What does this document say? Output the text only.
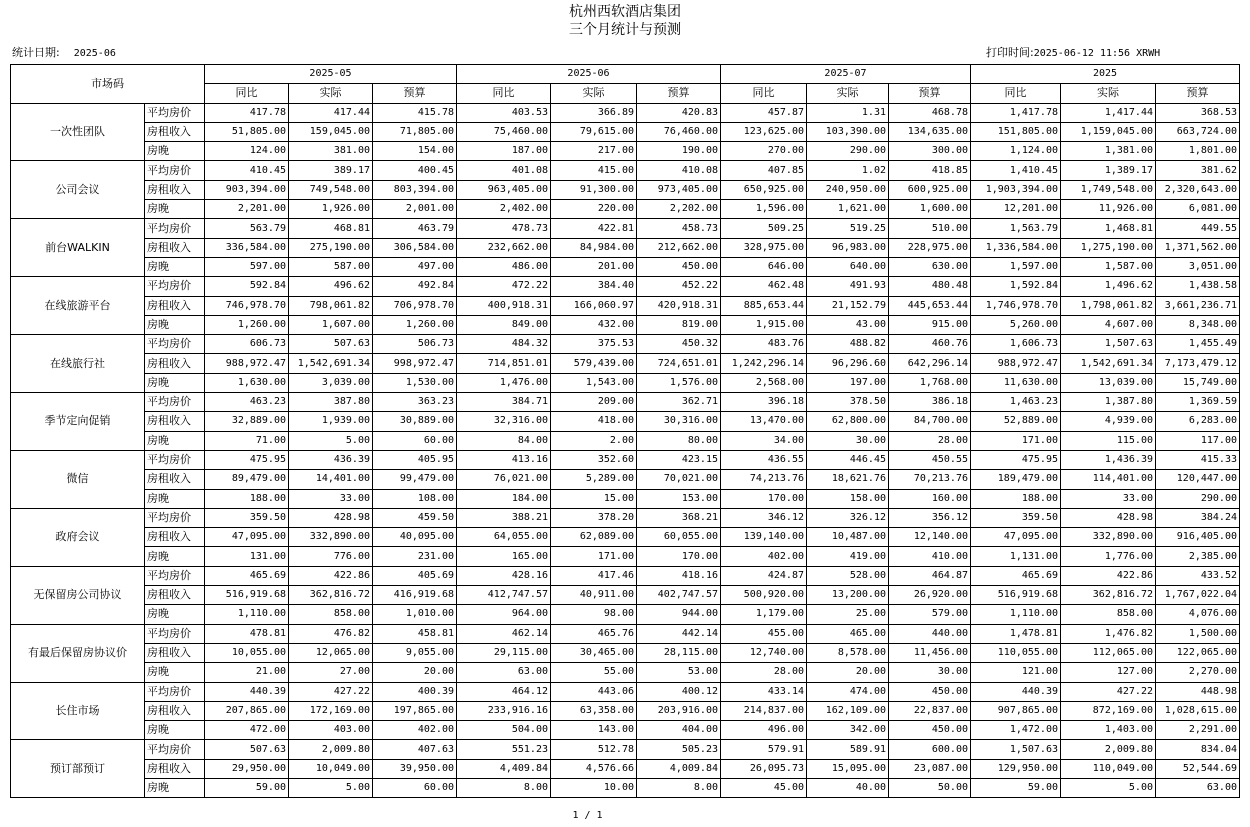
杭州西软酒店集团
三个月统计与预测
统计日期: 2025-06	打印时间:2025-06-12 11:56 XRWH
市场码		2025-05			2025-06			2025-07			2025		
		同比	实际	预算	同比	实际	预算	同比	实际	预算	同比	实际	预算
一次性团队	平均房价	417.78	417.44	415.78	403.53	366.89	420.83	457.87	1.31	468.78	1,417.78	1,417.44	368.53
	房租收入	51,805.00	159,045.00	71,805.00	75,460.00	79,615.00	76,460.00	123,625.00	103,390.00	134,635.00	151,805.00	1,159,045.00	663,724.00
	房晚	124.00	381.00	154.00	187.00	217.00	190.00	270.00	290.00	300.00	1,124.00	1,381.00	1,801.00
公司会议	平均房价	410.45	389.17	400.45	401.08	415.00	410.08	407.85	1.02	418.85	1,410.45	1,389.17	381.62
	房租收入	903,394.00	749,548.00	803,394.00	963,405.00	91,300.00	973,405.00	650,925.00	240,950.00	600,925.00	1,903,394.00	1,749,548.00	2,320,643.00
	房晚	2,201.00	1,926.00	2,001.00	2,402.00	220.00	2,202.00	1,596.00	1,621.00	1,600.00	12,201.00	11,926.00	6,081.00
前台WALKIN	平均房价	563.79	468.81	463.79	478.73	422.81	458.73	509.25	519.25	510.00	1,563.79	1,468.81	449.55
	房租收入	336,584.00	275,190.00	306,584.00	232,662.00	84,984.00	212,662.00	328,975.00	96,983.00	228,975.00	1,336,584.00	1,275,190.00	1,371,562.00
	房晚	597.00	587.00	497.00	486.00	201.00	450.00	646.00	640.00	630.00	1,597.00	1,587.00	3,051.00
在线旅游平台	平均房价	592.84	496.62	492.84	472.22	384.40	452.22	462.48	491.93	480.48	1,592.84	1,496.62	1,438.58
	房租收入	746,978.70	798,061.82	706,978.70	400,918.31	166,060.97	420,918.31	885,653.44	21,152.79	445,653.44	1,746,978.70	1,798,061.82	3,661,236.71
	房晚	1,260.00	1,607.00	1,260.00	849.00	432.00	819.00	1,915.00	43.00	915.00	5,260.00	4,607.00	8,348.00
在线旅行社	平均房价	606.73	507.63	506.73	484.32	375.53	450.32	483.76	488.82	460.76	1,606.73	1,507.63	1,455.49
	房租收入	988,972.47	1,542,691.34	998,972.47	714,851.01	579,439.00	724,651.01	1,242,296.14	96,296.60	642,296.14	988,972.47	1,542,691.34	7,173,479.12
	房晚	1,630.00	3,039.00	1,530.00	1,476.00	1,543.00	1,576.00	2,568.00	197.00	1,768.00	11,630.00	13,039.00	15,749.00
季节定向促销	平均房价	463.23	387.80	363.23	384.71	209.00	362.71	396.18	378.50	386.18	1,463.23	1,387.80	1,369.59
	房租收入	32,889.00	1,939.00	30,889.00	32,316.00	418.00	30,316.00	13,470.00	62,800.00	84,700.00	52,889.00	4,939.00	6,283.00
	房晚	71.00	5.00	60.00	84.00	2.00	80.00	34.00	30.00	28.00	171.00	115.00	117.00
微信	平均房价	475.95	436.39	405.95	413.16	352.60	423.15	436.55	446.45	450.55	475.95	1,436.39	415.33
	房租收入	89,479.00	14,401.00	99,479.00	76,021.00	5,289.00	70,021.00	74,213.76	18,621.76	70,213.76	189,479.00	114,401.00	120,447.00
	房晚	188.00	33.00	108.00	184.00	15.00	153.00	170.00	158.00	160.00	188.00	33.00	290.00
政府会议	平均房价	359.50	428.98	459.50	388.21	378.20	368.21	346.12	326.12	356.12	359.50	428.98	384.24
	房租收入	47,095.00	332,890.00	40,095.00	64,055.00	62,089.00	60,055.00	139,140.00	10,487.00	12,140.00	47,095.00	332,890.00	916,405.00
	房晚	131.00	776.00	231.00	165.00	171.00	170.00	402.00	419.00	410.00	1,131.00	1,776.00	2,385.00
无保留房公司协议	平均房价	465.69	422.86	405.69	428.16	417.46	418.16	424.87	528.00	464.87	465.69	422.86	433.52
	房租收入	516,919.68	362,816.72	416,919.68	412,747.57	40,911.00	402,747.57	500,920.00	13,200.00	26,920.00	516,919.68	362,816.72	1,767,022.04
	房晚	1,110.00	858.00	1,010.00	964.00	98.00	944.00	1,179.00	25.00	579.00	1,110.00	858.00	4,076.00
有最后保留房协议价	平均房价	478.81	476.82	458.81	462.14	465.76	442.14	455.00	465.00	440.00	1,478.81	1,476.82	1,500.00
	房租收入	10,055.00	12,065.00	9,055.00	29,115.00	30,465.00	28,115.00	12,740.00	8,578.00	11,456.00	110,055.00	112,065.00	122,065.00
	房晚	21.00	27.00	20.00	63.00	55.00	53.00	28.00	20.00	30.00	121.00	127.00	2,270.00
长住市场	平均房价	440.39	427.22	400.39	464.12	443.06	400.12	433.14	474.00	450.00	440.39	427.22	448.98
	房租收入	207,865.00	172,169.00	197,865.00	233,916.16	63,358.00	203,916.00	214,837.00	162,109.00	22,837.00	907,865.00	872,169.00	1,028,615.00
	房晚	472.00	403.00	402.00	504.00	143.00	404.00	496.00	342.00	450.00	1,472.00	1,403.00	2,291.00
预订部预订	平均房价	507.63	2,009.80	407.63	551.23	512.78	505.23	579.91	589.91	600.00	1,507.63	2,009.80	834.04
	房租收入	29,950.00	10,049.00	39,950.00	4,409.84	4,576.66	4,009.84	26,095.73	15,095.00	23,087.00	129,950.00	110,049.00	52,544.69
	房晚	59.00	5.00	60.00	8.00	10.00	8.00	45.00	40.00	50.00	59.00	5.00	63.00
1 / 1
